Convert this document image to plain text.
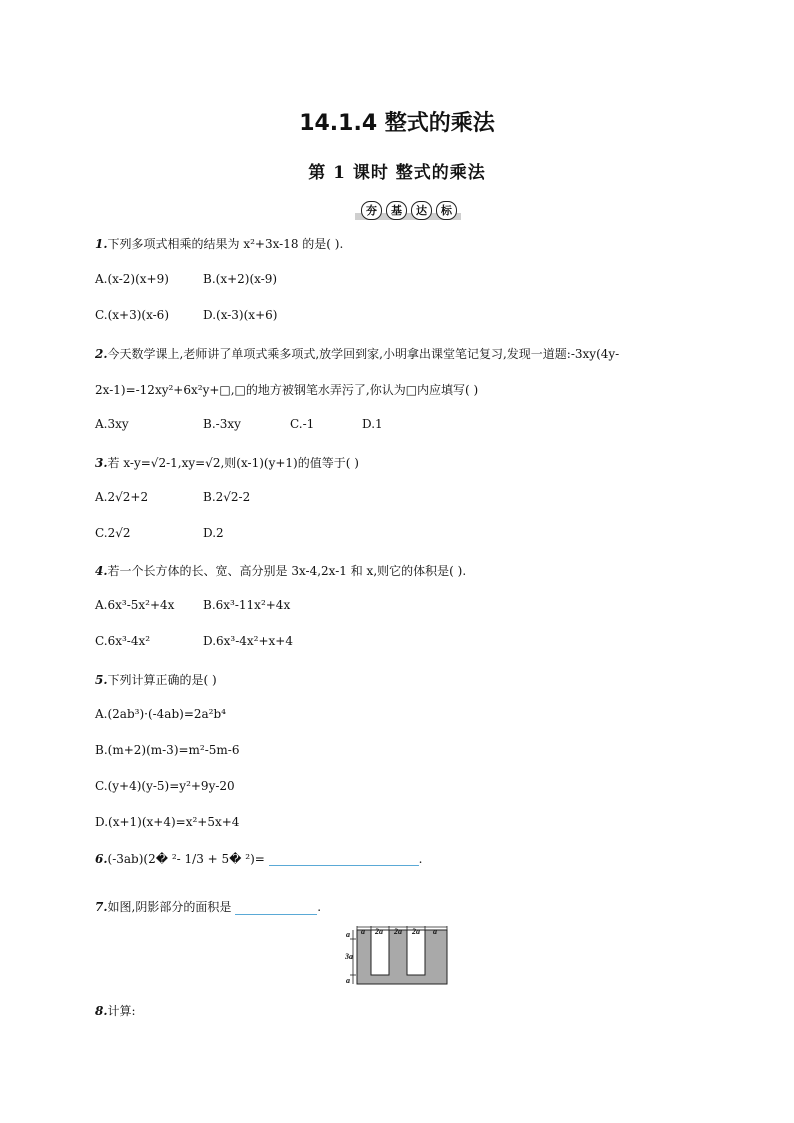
14.1.4 整式的乘法
第 1 课时 整式的乘法
夯	基	达	标
1.下列多项式相乘的结果为 x²+3x-18 的是( ).
A.(x-2)(x+9)	B.(x+2)(x-9)
C.(x+3)(x-6)	D.(x-3)(x+6)
2.今天数学课上,老师讲了单项式乘多项式,放学回到家,小明拿出课堂笔记复习,发现一道题:-3xy(4y-
2x-1)=-12xy²+6x²y+□,□的地方被钢笔水弄污了,你认为□内应填写( )
A.3xy	B.-3xy	C.-1	D.1
3.若 x-y=√2-1,xy=√2,则(x-1)(y+1)的值等于( )
A.2√2+2	B.2√2-2
C.2√2	D.2
4.若一个长方体的长、宽、高分别是 3x-4,2x-1 和 x,则它的体积是( ).
A.6x³-5x²+4x B.6x³-11x²+4x
C.6x³-4x²	D.6x³-4x²+x+4
5.下列计算正确的是( )
A.(2ab³)·(-4ab)=2a²b⁴
B.(m+2)(m-3)=m²-5m-6
C.(y+4)(y-5)=y²+9y-20
D.(x+1)(x+4)=x²+5x+4
6.(-3ab)(2� ²- 1/3 + 5� ²)=	.
7.如图,阴影部分的面积是	.
a 2a 2a 2a a
a
3a
a
8.计算:
